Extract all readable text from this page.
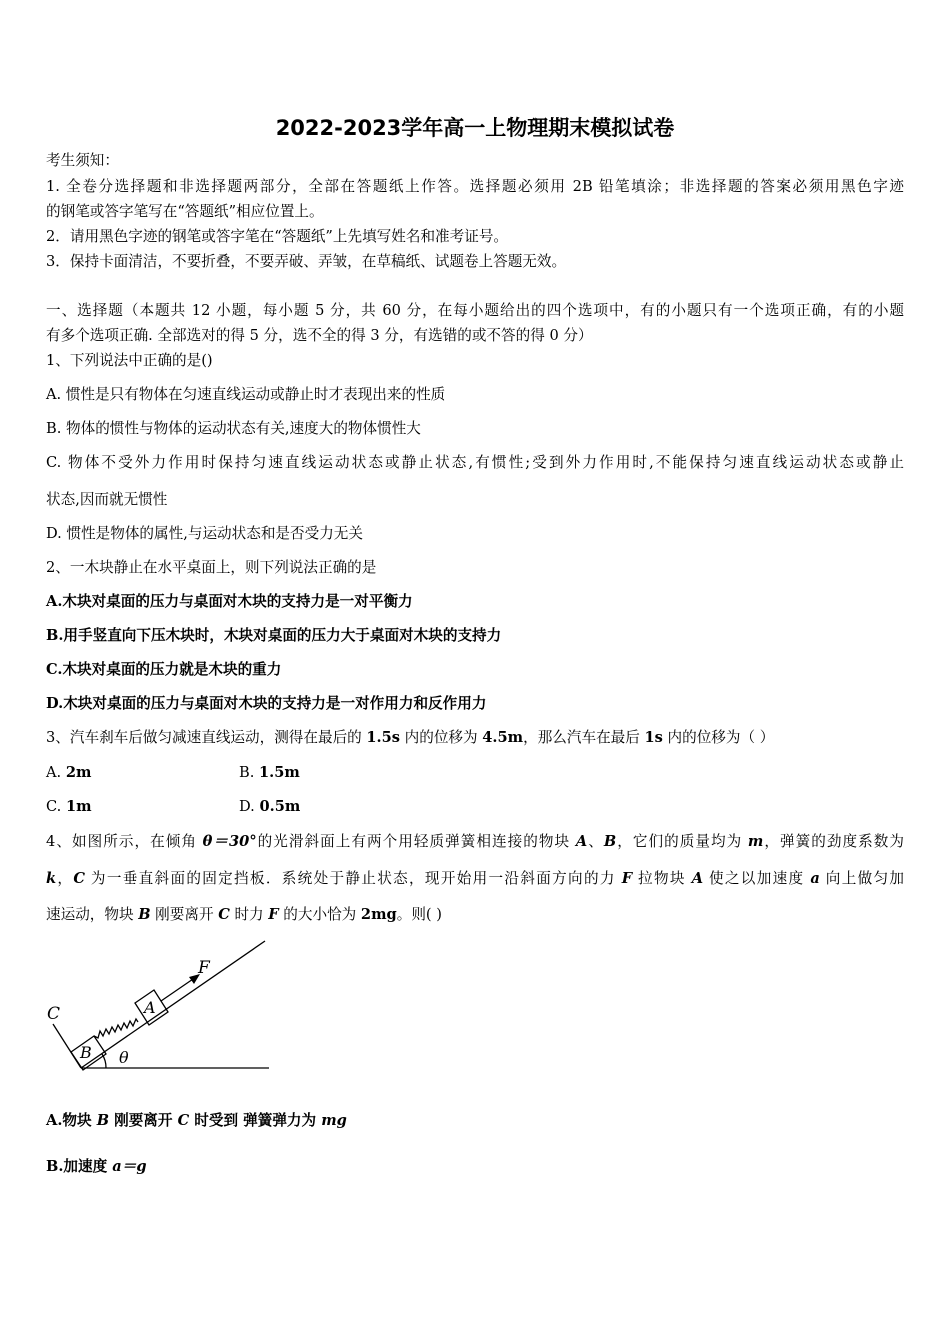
2022-2023学年高一上物理期末模拟试卷
考生须知：
1. 全卷分选择题和非选择题两部分，全部在答题纸上作答。选择题必须用 2B 铅笔填涂；非选择题的答案必须用黑色字迹
的钢笔或答字笔写在“答题纸”相应位置上。
2．请用黑色字迹的钢笔或答字笔在“答题纸”上先填写姓名和准考证号。
3．保持卡面清洁，不要折叠，不要弄破、弄皱，在草稿纸、试题卷上答题无效。
一、选择题（本题共 12 小题，每小题 5 分，共 60 分，在每小题给出的四个选项中，有的小题只有一个选项正确，有的小题
有多个选项正确. 全部选对的得 5 分，选不全的得 3 分，有选错的或不答的得 0 分）
1、下列说法中正确的是()
A. 惯性是只有物体在匀速直线运动或静止时才表现出来的性质
B. 物体的惯性与物体的运动状态有关,速度大的物体惯性大
C. 物体不受外力作用时保持匀速直线运动状态或静止状态,有惯性;受到外力作用时,不能保持匀速直线运动状态或静止
状态,因而就无惯性
D. 惯性是物体的属性,与运动状态和是否受力无关
2、一木块静止在水平桌面上，则下列说法正确的是
A.木块对桌面的压力与桌面对木块的支持力是一对平衡力
B.用手竖直向下压木块时，木块对桌面的压力大于桌面对木块的支持力
C.木块对桌面的压力就是木块的重力
D.木块对桌面的压力与桌面对木块的支持力是一对作用力和反作用力
3、汽车刹车后做匀减速直线运动，测得在最后的 1.5s 内的位移为 4.5m，那么汽车在最后 1s 内的位移为（ ）
A. 2m	B. 1.5m
C. 1m	D. 0.5m
4、如图所示，在倾角 θ＝30°的光滑斜面上有两个用轻质弹簧相连接的物块 A、B，它们的质量均为 m，弹簧的劲度系数为
k，C 为一垂直斜面的固定挡板．系统处于静止状态，现开始用一沿斜面方向的力 F 拉物块 A 使之以加速度 a 向上做匀加
速运动，物块 B 刚要离开 C 时力 F 的大小恰为 2mg。则( )
F
A
B
C
θ
A.物块 B 刚要离开 C 时受到 弹簧弹力为 mg
B.加速度 a＝g
